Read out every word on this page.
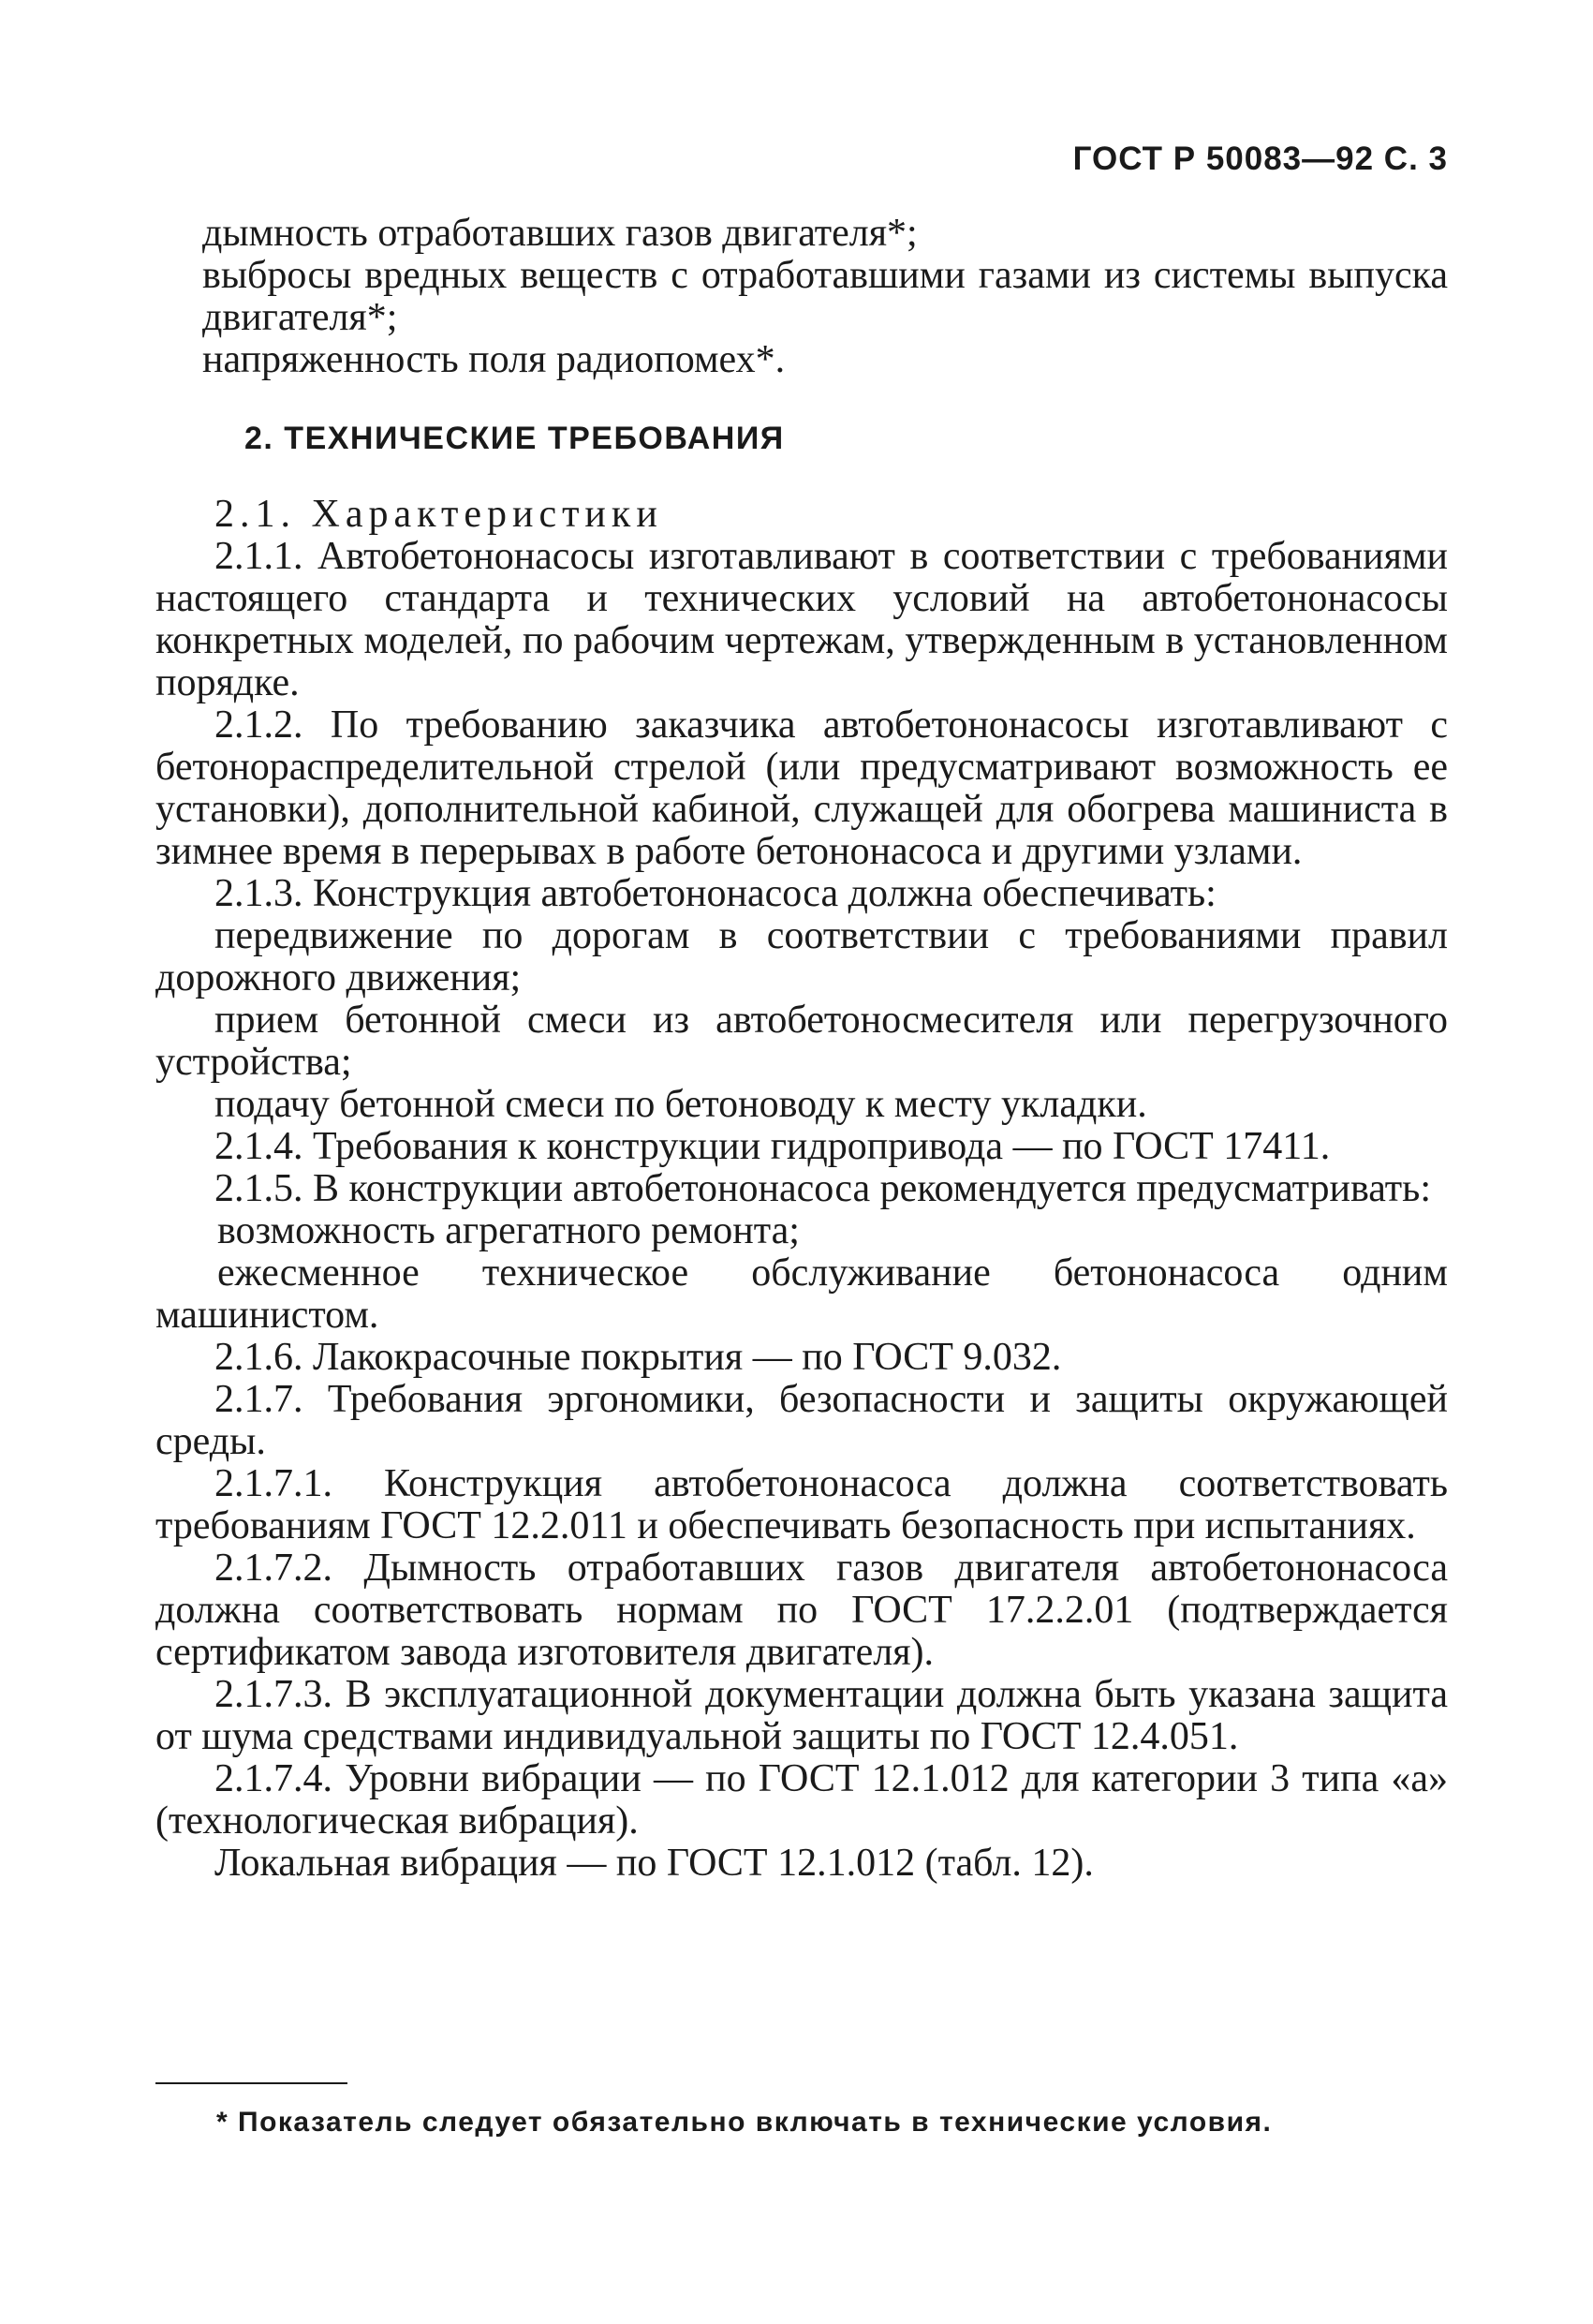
ГОСТ Р 50083—92 С. 3

дымность отработавших газов двигателя*;

выбросы вредных веществ с отработавшими газами из системы выпуска двигателя*;

напряженность поля радиопомех*.

2. ТЕХНИЧЕСКИЕ ТРЕБОВАНИЯ

2.1. Характеристики

2.1.1. Автобетононасосы изготавливают в соответствии с требованиями настоящего стандарта и технических условий на автобетононасосы конкретных моделей, по рабочим чертежам, утвержденным в установленном порядке.

2.1.2. По требованию заказчика автобетононасосы изготавливают с бетонораспределительной стрелой (или предусматривают возможность ее установки), дополнительной кабиной, служащей для обогрева машиниста в зимнее время в перерывах в работе бетононасоса и другими узлами.

2.1.3. Конструкция автобетононасоса должна обеспечивать:

передвижение по дорогам в соответствии с требованиями правил дорожного движения;

прием бетонной смеси из автобетоносмесителя или перегрузочного устройства;

подачу бетонной смеси по бетоноводу к месту укладки.

2.1.4. Требования к конструкции гидропривода — по ГОСТ 17411.

2.1.5. В конструкции автобетононасоса рекомендуется предусматривать:

возможность агрегатного ремонта;

ежесменное техническое обслуживание бетононасоса одним машинистом.

2.1.6. Лакокрасочные покрытия — по ГОСТ 9.032.

2.1.7. Требования эргономики, безопасности и защиты окружающей среды.

2.1.7.1. Конструкция автобетононасоса должна соответствовать требованиям ГОСТ 12.2.011 и обеспечивать безопасность при испытаниях.

2.1.7.2. Дымность отработавших газов двигателя автобетононасоса должна соответствовать нормам по ГОСТ 17.2.2.01 (подтверждается сертификатом завода изготовителя двигателя).

2.1.7.3. В эксплуатационной документации должна быть указана защита от шума средствами индивидуальной защиты по ГОСТ 12.4.051.

2.1.7.4. Уровни вибрации — по ГОСТ 12.1.012 для категории 3 типа «а» (технологическая вибрация).

Локальная вибрация — по ГОСТ 12.1.012 (табл. 12).

* Показатель следует обязательно включать в технические условия.
